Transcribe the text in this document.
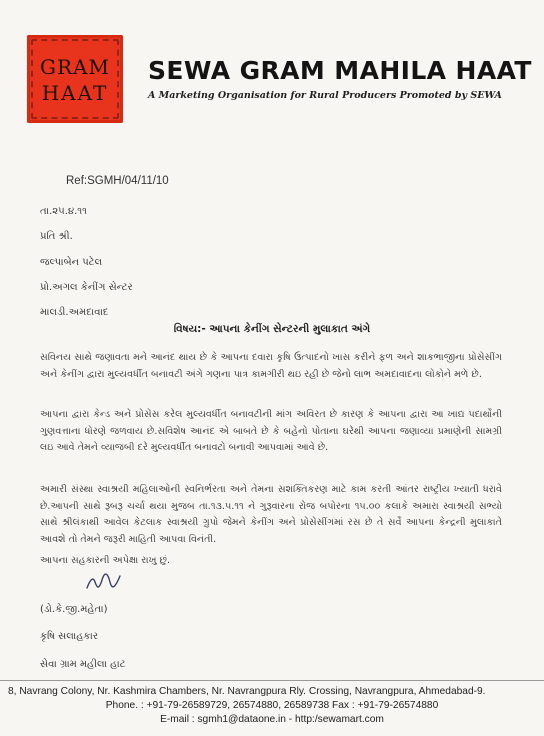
GRAM
HAAT
SEWA GRAM MAHILA HAAT
A Marketing Organisation for Rural Producers Promoted by SEWA
Ref:SGMH/04/11/10
તા.૨૫.૪.૧૧
પ્રતિ શ્રી.
જલ્પાબેન પટેલ
પ્રો.અગલ કેનીંગ સેન્ટર
માલડી.અમદાવાદ
વિષય:- આપના કેનીંગ સેન્ટરની મુલાકાત અંગે
સવિનય સાથે જણાવતા મને આનંદ થાય છે કે આપના દવારા કૃષિ ઉત્પાદનો ખાસ કરીને ફળ અને શાકભાજીના પ્રોસેસીંગ અને કેનીંગ દ્વારા મુલ્યવર્ધીત બનાવટી અંગે ગણના પાત્ર કામગીરી થઇ રહી છે જેનો લાભ અમદાવાદના લોકોને મળે છે.
આપના દ્વારા કેન્ડ અને પ્રોસેસ કરેલ મુલ્યવર્ધીત બનાવટીની માંગ અવિરત છે કારણ કે આપના દ્વારા આ ખાદ્ય પદાર્થોની ગુણવત્તાના ધોરણે જળવાય છે.સવિશેષ આનંદ એ બાબતે છે કે બહેનો પોતાના ઘરેથી આપના જણાવ્યા પ્રમાણેની સામગ્રી લઇ આવે તેમને વ્યાજબી દરે મુલ્યવર્ધીત બનાવટો બનાવી આપવામાં આવે છે.
અમારી સંસ્થા સ્વાશ્રયી મહિલાઓની સ્વનિર્ભરતા અને તેમના સશક્તિકરણ માટે કામ કરતી આંતર રાષ્ટ્રીય ખ્યાતી ધરાવે છે.આપની સાથે રૂબરૂ ચર્ચા થયા મુજબ તા.૧૩.૫.૧૧ ને ગુરૂવારના રોજ બપોરના ૧૫.૦૦ કલાકે અમારા સ્વાશ્રયી સભ્યો સાથે શ્રીલંકાથી આવેલ કેટલાક સ્વાશ્રયી ગ્રુપો જેમને કેનીંગ અને પ્રોસેસીંગમાં રસ છે તે સર્વે આપના કેન્દ્રની મુલાકાતે આવશે તો તેમને જરૂરી માહિતી આપવા વિનંતી.
આપના સહકારની અપેક્ષા રાખુ છું.
(ડો.કે.જી.મહેતા)
કૃષિ સલાહકાર
સેવા ગ્રામ મહીલા હાટ
8, Navrang Colony, Nr. Kashmira Chambers, Nr. Navrangpura Rly. Crossing, Navrangpura, Ahmedabad-9.
Phone. : +91-79-26589729, 26574880, 26589738 Fax : +91-79-26574880
E-mail : sgmh1@dataone.in - http:/sewamart.com
